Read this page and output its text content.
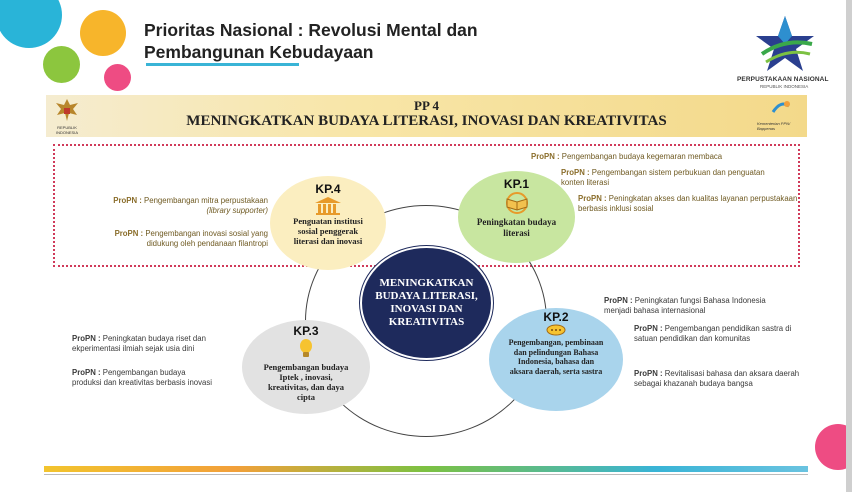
Prioritas Nasional : Revolusi Mental dan
Pembangunan Kebudayaan
PERPUSTAKAAN NASIONAL
REPUBLIK INDONESIA
REPUBLIK INDONESIA
PP 4
MENINGKATKAN BUDAYA LITERASI, INOVASI DAN KREATIVITAS	Kementerian PPN/ Bappenas
KP.4
Penguatan institusi sosial penggerak literasi dan inovasi
KP.1
Peningkatan budaya literasi
MENINGKATKAN BUDAYA LITERASI, INOVASI DAN KREATIVITAS
KP.3
Pengembangan budaya Iptek , inovasi, kreativitas, dan daya cipta
KP.2
Pengembangan, pembinaan dan pelindungan Bahasa Indonesia, bahasa dan aksara daerah, serta sastra
ProPN : Pengembangan budaya kegemaran membaca
ProPN : Pengembangan sistem perbukuan dan penguatan konten literasi
ProPN : Peningkatan akses dan kualitas layanan perpustakaan berbasis inklusi sosial
ProPN : Pengembangan mitra perpustakaan
(library supporter)
ProPN : Pengembangan inovasi sosial yang
didukung oleh pendanaan filantropi
ProPN : Peningkatan budaya riset dan
ekperimentasi ilmiah sejak usia dini
ProPN : Pengembangan budaya
produksi dan kreativitas berbasis inovasi
ProPN : Peningkatan fungsi Bahasa Indonesia menjadi bahasa internasional
ProPN : Pengembangan pendidikan sastra di satuan pendidikan dan komunitas
ProPN : Revitalisasi bahasa dan aksara daerah sebagai khazanah budaya bangsa
